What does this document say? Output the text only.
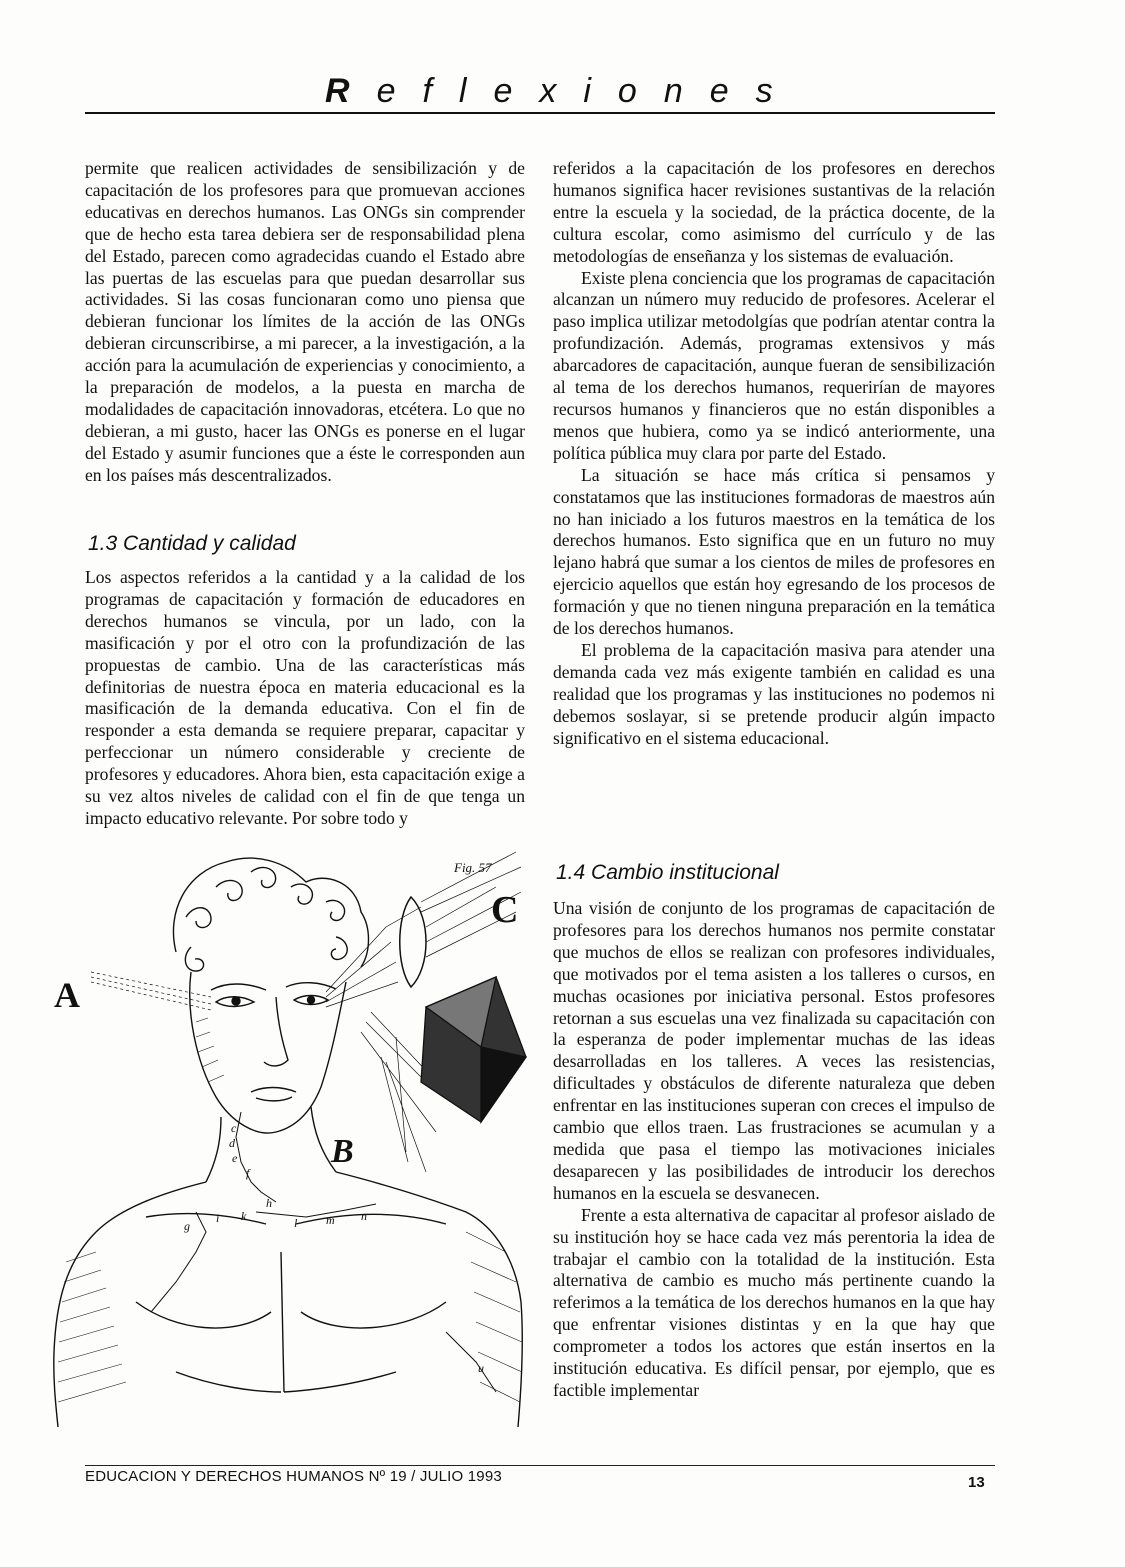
Reflexiones

permite que realicen actividades de sensibilización y de capacitación de los profesores para que promuevan acciones educativas en derechos humanos. Las ONGs sin comprender que de hecho esta tarea debiera ser de responsabilidad plena del Estado, parecen como agradecidas cuando el Estado abre las puertas de las escuelas para que puedan desarrollar sus actividades. Si las cosas funcionaran como uno piensa que debieran funcionar los límites de la acción de las ONGs debieran circunscribirse, a mi parecer, a la investigación, a la acción para la acumulación de experiencias y conocimiento, a la preparación de modelos, a la puesta en marcha de modalidades de capacitación innovadoras, etcétera. Lo que no debieran, a mi gusto, hacer las ONGs es ponerse en el lugar del Estado y asumir funciones que a éste le corresponden aun en los países más descentralizados.

1.3 Cantidad y calidad

Los aspectos referidos a la cantidad y a la calidad de los programas de capacitación y formación de educadores en derechos humanos se vincula, por un lado, con la masificación y por el otro con la profundización de las propuestas de cambio. Una de las características más definitorias de nuestra época en materia educacional es la masificación de la demanda educativa. Con el fin de responder a esta demanda se requiere preparar, capacitar y perfeccionar un número considerable y creciente de profesores y educadores. Ahora bien, esta capacitación exige a su vez altos niveles de calidad con el fin de que tenga un impacto educativo relevante. Por sobre todo y

referidos a la capacitación de los profesores en derechos humanos significa hacer revisiones sustantivas de la relación entre la escuela y la sociedad, de la práctica docente, de la cultura escolar, como asimismo del currículo y de las metodologías de enseñanza y los sistemas de evaluación.

Existe plena conciencia que los programas de capacitación alcanzan un número muy reducido de profesores. Acelerar el paso implica utilizar metodolgías que podrían atentar contra la profundización. Además, programas extensivos y más abarcadores de capacitación, aunque fueran de sensibilización al tema de los derechos humanos, requerirían de mayores recursos humanos y financieros que no están disponibles a menos que hubiera, como ya se indicó anteriormente, una política pública muy clara por parte del Estado.

La situación se hace más crítica si pensamos y constatamos que las instituciones formadoras de maestros aún no han iniciado a los futuros maestros en la temática de los derechos humanos. Esto significa que en un futuro no muy lejano habrá que sumar a los cientos de miles de profesores en ejercicio aquellos que están hoy egresando de los procesos de formación y que no tienen ninguna preparación en la temática de los derechos humanos.

El problema de la capacitación masiva para atender una demanda cada vez más exigente también en calidad es una realidad que los programas y las instituciones no podemos ni debemos soslayar, si se pretende producir algún impacto significativo en el sistema educacional.

1.4 Cambio institucional

Una visión de conjunto de los programas de capacitación de profesores para los derechos humanos nos permite constatar que muchos de ellos se realizan con profesores individuales, que motivados por el tema asisten a los talleres o cursos, en muchas ocasiones por iniciativa personal. Estos profesores retornan a sus escuelas una vez finalizada su capacitación con la esperanza de poder implementar muchas de las ideas desarrolladas en los talleres. A veces las resistencias, dificultades y obstáculos de diferente naturaleza que deben enfrentar en las instituciones superan con creces el impulso de cambio que ellos traen. Las frustraciones se acumulan y a medida que pasa el tiempo las motivaciones iniciales desaparecen y las posibilidades de introducir los derechos humanos en la escuela se desvanecen.

Frente a esta alternativa de capacitar al profesor aislado de su institución hoy se hace cada vez más perentoria la idea de trabajar el cambio con la totalidad de la institución. Esta alternativa de cambio es mucho más pertinente cuando la referimos a la temática de los derechos humanos en la que hay que enfrentar visiones distintas y en la que hay que comprometer a todos los actores que están insertos en la institución educativa. Es difícil pensar, por ejemplo, que es factible implementar

A
B
C
Fig. 57
c
d
e
f
g
h
i k	l m n
u
EDUCACION Y DERECHOS HUMANOS Nº 19 / JULIO 1993	13
